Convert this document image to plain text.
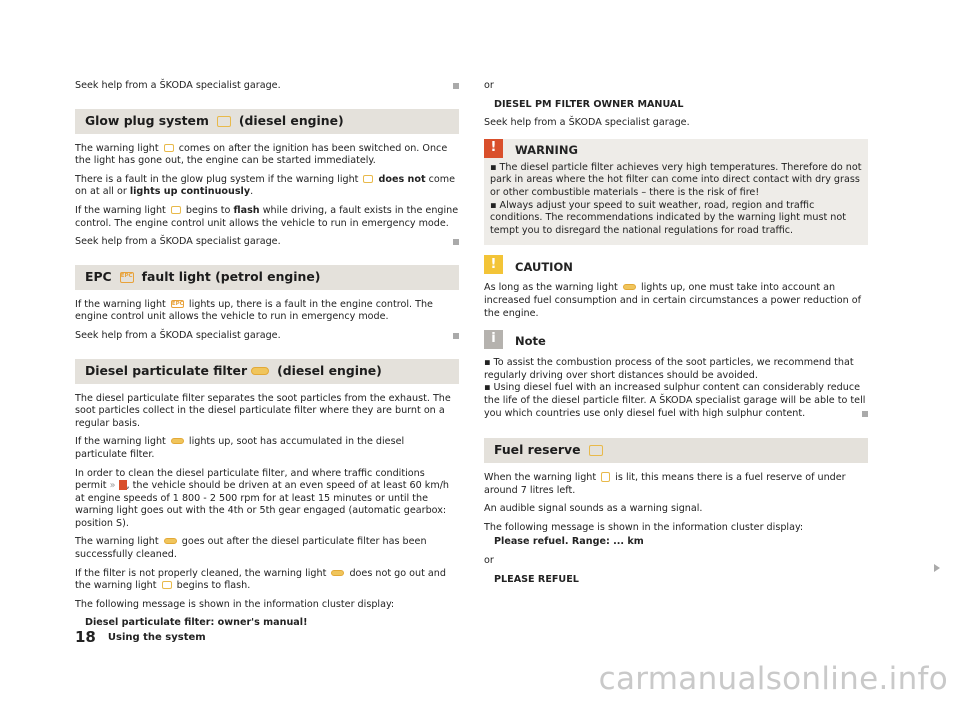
Seek help from a ŠKODA specialist garage.

Glow plug system (diesel engine)

The warning light comes on after the ignition has been switched on. Once the light has gone out, the engine can be started immediately.

There is a fault in the glow plug system if the warning light does not come on at all or lights up continuously.

If the warning light begins to flash while driving, a fault exists in the engine control. The engine control unit allows the vehicle to run in emergency mode.

Seek help from a ŠKODA specialist garage.

EPC	EPC fault light (petrol engine)

If the warning light EPC lights up, there is a fault in the engine control. The engine control unit allows the vehicle to run in emergency mode.

Seek help from a ŠKODA specialist garage.

Diesel particulate filter (diesel engine)

The diesel particulate filter separates the soot particles from the exhaust. The soot particles collect in the diesel particulate filter where they are burnt on a regular basis.

If the warning light lights up, soot has accumulated in the diesel particulate filter.

In order to clean the diesel particulate filter, and where traffic conditions permit » , the vehicle should be driven at an even speed of at least 60 km/h at engine speeds of 1 800 - 2 500 rpm for at least 15 minutes or until the warning light goes out with the 4th or 5th gear engaged (automatic gearbox: position S).

The warning light goes out after the diesel particulate filter has been successfully cleaned.

If the filter is not properly cleaned, the warning light does not go out and the warning light begins to flash.

The following message is shown in the information cluster display:

Diesel particulate filter: owner's manual!

or

DIESEL PM FILTER OWNER MANUAL

Seek help from a ŠKODA specialist garage.

!	WARNING

▪ The diesel particle filter achieves very high temperatures. Therefore do not park in areas where the hot filter can come into direct contact with dry grass or other combustible materials – there is the risk of fire!

▪ Always adjust your speed to suit weather, road, region and traffic conditions. The recommendations indicated by the warning light must not tempt you to disregard the national regulations for road traffic.

!	CAUTION

As long as the warning light lights up, one must take into account an increased fuel consumption and in certain circumstances a power reduction of the engine.

i	Note

▪ To assist the combustion process of the soot particles, we recommend that regularly driving over short distances should be avoided.

▪ Using diesel fuel with an increased sulphur content can considerably reduce the life of the diesel particle filter. A ŠKODA specialist garage will be able to tell you which countries use only diesel fuel with high sulphur content.

Fuel reserve

When the warning light is lit, this means there is a fuel reserve of under around 7 litres left.

An audible signal sounds as a warning signal.

The following message is shown in the information cluster display:

Please refuel. Range: ... km

or

PLEASE REFUEL

18 Using the system
carmanualsonline.info
